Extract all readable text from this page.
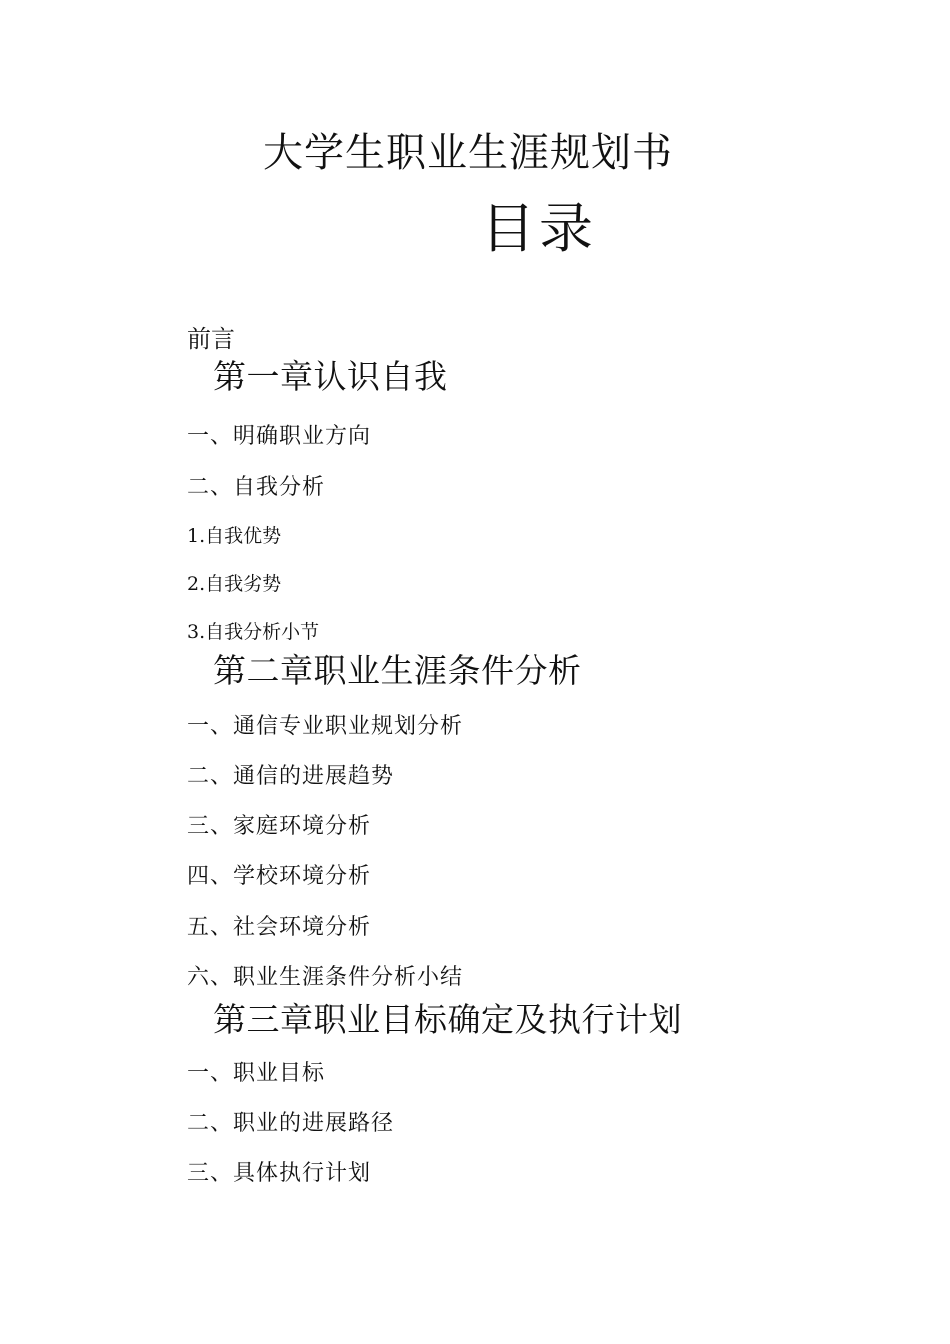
大学生职业生涯规划书
目录
前言
第一章认识自我
一、明确职业方向
二、自我分析
1.自我优势
2.自我劣势
3.自我分析小节
第二章职业生涯条件分析
一、通信专业职业规划分析
二、通信的进展趋势
三、家庭环境分析
四、学校环境分析
五、社会环境分析
六、职业生涯条件分析小结
第三章职业目标确定及执行计划
一、职业目标
二、职业的进展路径
三、具体执行计划
